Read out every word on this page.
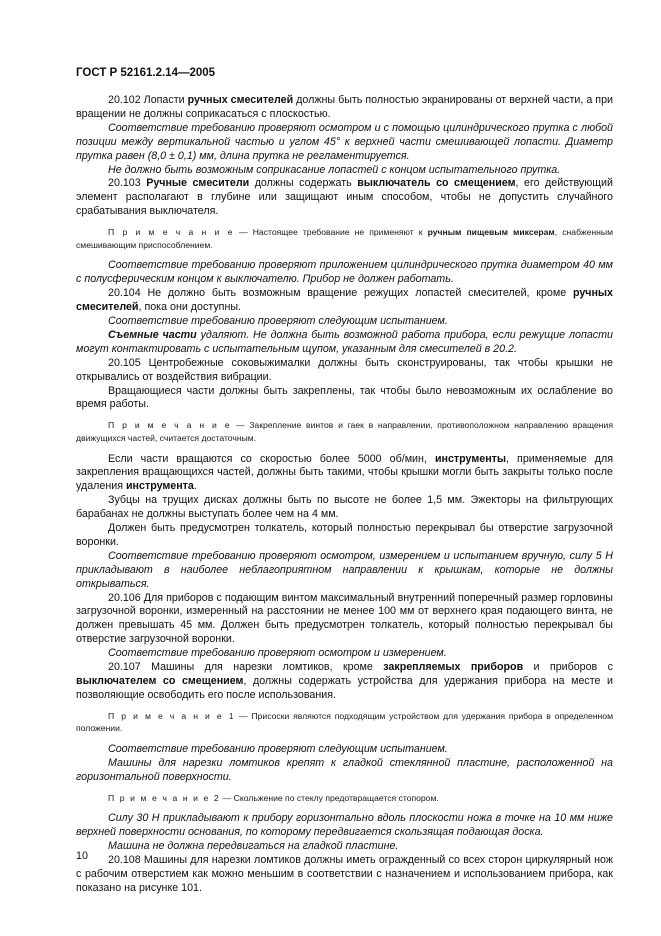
ГОСТ Р 52161.2.14—2005

20.102 Лопасти ручных смесителей должны быть полностью экранированы от верхней части, а при вращении не должны соприкасаться с плоскостью.

Соответствие требованию проверяют осмотром и с помощью цилиндрического прутка с любой позиции между вертикальной частью и углом 45° к верхней части смешивающей лопасти. Диаметр прутка равен (8,0 ± 0,1) мм, длина прутка не регламентируется.

Не должно быть возможным соприкасание лопастей с концом испытательного прутка.

20.103 Ручные смесители должны содержать выключатель со смещением, его действующий элемент располагают в глубине или защищают иным способом, чтобы не допустить случайного срабатывания выключателя.

П р и м е ч а н и е — Настоящее требование не применяют к ручным пищевым миксерам, снабженным смешивающим приспособлением.

Соответствие требованию проверяют приложением цилиндрического прутка диаметром 40 мм с полусферическим концом к выключателю. Прибор не должен работать.

20.104 Не должно быть возможным вращение режущих лопастей смесителей, кроме ручных смесителей, пока они доступны.

Соответствие требованию проверяют следующим испытанием.

Съемные части удаляют. Не должна быть возможной работа прибора, если режущие лопасти могут контактировать с испытательным щупом, указанным для смесителей в 20.2.

20.105 Центробежные соковыжималки должны быть сконструированы, так чтобы крышки не открывались от воздействия вибрации.

Вращающиеся части должны быть закреплены, так чтобы было невозможным их ослабление во время работы.

П р и м е ч а н и е — Закрепление винтов и гаек в направлении, противоположном направлению вращения движущихся частей, считается достаточным.

Если части вращаются со скоростью более 5000 об/мин, инструменты, применяемые для закрепления вращающихся частей, должны быть такими, чтобы крышки могли быть закрыты только после удаления инструмента.

Зубцы на трущих дисках должны быть по высоте не более 1,5 мм. Эжекторы на фильтрующих барабанах не должны выступать более чем на 4 мм.

Должен быть предусмотрен толкатель, который полностью перекрывал бы отверстие загрузочной воронки.

Соответствие требованию проверяют осмотром, измерением и испытанием вручную, силу 5 Н прикладывают в наиболее неблагоприятном направлении к крышкам, которые не должны открываться.

20.106 Для приборов с подающим винтом максимальный внутренний поперечный размер горловины загрузочной воронки, измеренный на расстоянии не менее 100 мм от верхнего края подающего винта, не должен превышать 45 мм. Должен быть предусмотрен толкатель, который полностью перекрывал бы отверстие загрузочной воронки.

Соответствие требованию проверяют осмотром и измерением.

20.107 Машины для нарезки ломтиков, кроме закрепляемых приборов и приборов с выключателем со смещением, должны содержать устройства для удержания прибора на месте и позволяющие освободить его после использования.

П р и м е ч а н и е 1 — Присоски являются подходящим устройством для удержания прибора в определенном положении.

Соответствие требованию проверяют следующим испытанием.

Машины для нарезки ломтиков крепят к гладкой стеклянной пластине, расположенной на горизонтальной поверхности.

П р и м е ч а н и е 2 — Скольжение по стеклу предотвращается стопором.

Силу 30 Н прикладывают к прибору горизонтально вдоль плоскости ножа в точке на 10 мм ниже верхней поверхности основания, по которому передвигается скользящая подающая доска.

Машина не должна передвигаться на гладкой пластине.

20.108 Машины для нарезки ломтиков должны иметь огражденный со всех сторон циркулярный нож с рабочим отверстием как можно меньшим в соответствии с назначением и использованием прибора, как показано на рисунке 101.

10
